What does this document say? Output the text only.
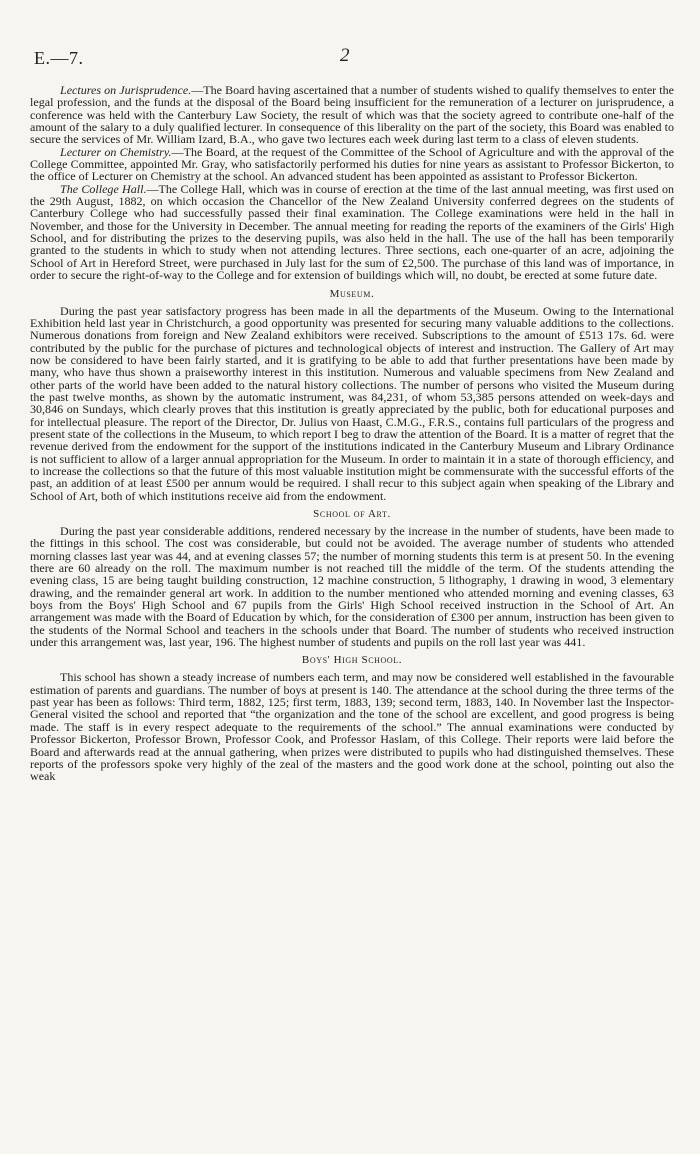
E.—7.	2

Lectures on Jurisprudence.—The Board having ascertained that a number of students wished to qualify themselves to enter the legal profession, and the funds at the disposal of the Board being insufficient for the remuneration of a lecturer on jurisprudence, a conference was held with the Canterbury Law Society, the result of which was that the society agreed to contribute one-half of the amount of the salary to a duly qualified lecturer. In consequence of this liberality on the part of the society, this Board was enabled to secure the services of Mr. William Izard, B.A., who gave two lectures each week during last term to a class of eleven students.

Lecturer on Chemistry.—The Board, at the request of the Committee of the School of Agriculture and with the approval of the College Committee, appointed Mr. Gray, who satisfactorily performed his duties for nine years as assistant to Professor Bickerton, to the office of Lecturer on Chemistry at the school. An advanced student has been appointed as assistant to Professor Bickerton.

The College Hall.—The College Hall, which was in course of erection at the time of the last annual meeting, was first used on the 29th August, 1882, on which occasion the Chancellor of the New Zealand University conferred degrees on the students of Canterbury College who had successfully passed their final examination. The College examinations were held in the hall in November, and those for the University in December. The annual meeting for reading the reports of the examiners of the Girls' High School, and for distributing the prizes to the deserving pupils, was also held in the hall. The use of the hall has been temporarily granted to the students in which to study when not attending lectures. Three sections, each one-quarter of an acre, adjoining the School of Art in Hereford Street, were purchased in July last for the sum of £2,500. The purchase of this land was of importance, in order to secure the right-of-way to the College and for extension of buildings which will, no doubt, be erected at some future date.

Museum.

During the past year satisfactory progress has been made in all the departments of the Museum. Owing to the International Exhibition held last year in Christchurch, a good opportunity was presented for securing many valuable additions to the collections. Numerous donations from foreign and New Zealand exhibitors were received. Subscriptions to the amount of £513 17s. 6d. were contributed by the public for the purchase of pictures and technological objects of interest and instruction. The Gallery of Art may now be considered to have been fairly started, and it is gratifying to be able to add that further presentations have been made by many, who have thus shown a praiseworthy interest in this institution. Numerous and valuable specimens from New Zealand and other parts of the world have been added to the natural history collections. The number of persons who visited the Museum during the past twelve months, as shown by the automatic instrument, was 84,231, of whom 53,385 persons attended on week-days and 30,846 on Sundays, which clearly proves that this institution is greatly appreciated by the public, both for educational purposes and for intellectual pleasure. The report of the Director, Dr. Julius von Haast, C.M.G., F.R.S., contains full particulars of the progress and present state of the collections in the Museum, to which report I beg to draw the attention of the Board. It is a matter of regret that the revenue derived from the endowment for the support of the institutions indicated in the Canterbury Museum and Library Ordinance is not sufficient to allow of a larger annual appropriation for the Museum. In order to maintain it in a state of thorough efficiency, and to increase the collections so that the future of this most valuable institution might be commensurate with the successful efforts of the past, an addition of at least £500 per annum would be required. I shall recur to this subject again when speaking of the Library and School of Art, both of which institutions receive aid from the endowment.

School of Art.

During the past year considerable additions, rendered necessary by the increase in the number of students, have been made to the fittings in this school. The cost was considerable, but could not be avoided. The average number of students who attended morning classes last year was 44, and at evening classes 57; the number of morning students this term is at present 50. In the evening there are 60 already on the roll. The maximum number is not reached till the middle of the term. Of the students attending the evening class, 15 are being taught building construction, 12 machine construction, 5 lithography, 1 drawing in wood, 3 elementary drawing, and the remainder general art work. In addition to the number mentioned who attended morning and evening classes, 63 boys from the Boys' High School and 67 pupils from the Girls' High School received instruction in the School of Art. An arrangement was made with the Board of Education by which, for the consideration of £300 per annum, instruction has been given to the students of the Normal School and teachers in the schools under that Board. The number of students who received instruction under this arrangement was, last year, 196. The highest number of students and pupils on the roll last year was 441.

Boys' High School.

This school has shown a steady increase of numbers each term, and may now be considered well established in the favourable estimation of parents and guardians. The number of boys at present is 140. The attendance at the school during the three terms of the past year has been as follows: Third term, 1882, 125; first term, 1883, 139; second term, 1883, 140. In November last the Inspector-General visited the school and reported that “the organization and the tone of the school are excellent, and good progress is being made. The staff is in every respect adequate to the requirements of the school.” The annual examinations were conducted by Professor Bickerton, Professor Brown, Professor Cook, and Professor Haslam, of this College. Their reports were laid before the Board and afterwards read at the annual gathering, when prizes were distributed to pupils who had distinguished themselves. These reports of the professors spoke very highly of the zeal of the masters and the good work done at the school, pointing out also the weak
